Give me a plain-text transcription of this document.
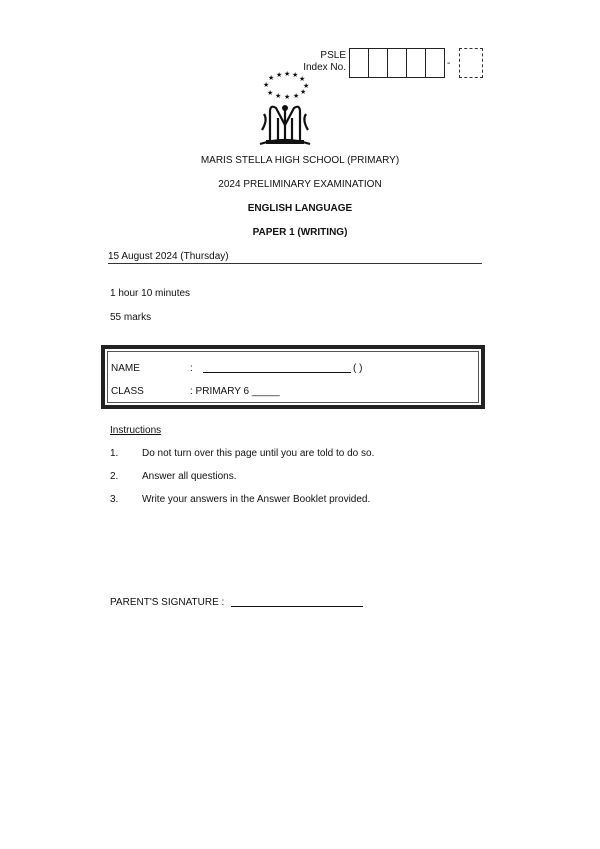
PSLE
Index No.	-
★ ★ ★ ★ ★
★	★
★ ★ ★ ★ ★
MARIS STELLA HIGH SCHOOL (PRIMARY)
2024 PRELIMINARY EXAMINATION
ENGLISH LANGUAGE
PAPER 1 (WRITING)
15 August 2024 (Thursday)
1 hour 10 minutes
55 marks
NAME	:	( )
CLASS	: PRIMARY 6 _____
Instructions
1. Do not turn over this page until you are told to do so.
2. Answer all questions.
3. Write your answers in the Answer Booklet provided.
PARENT'S SIGNATURE :
